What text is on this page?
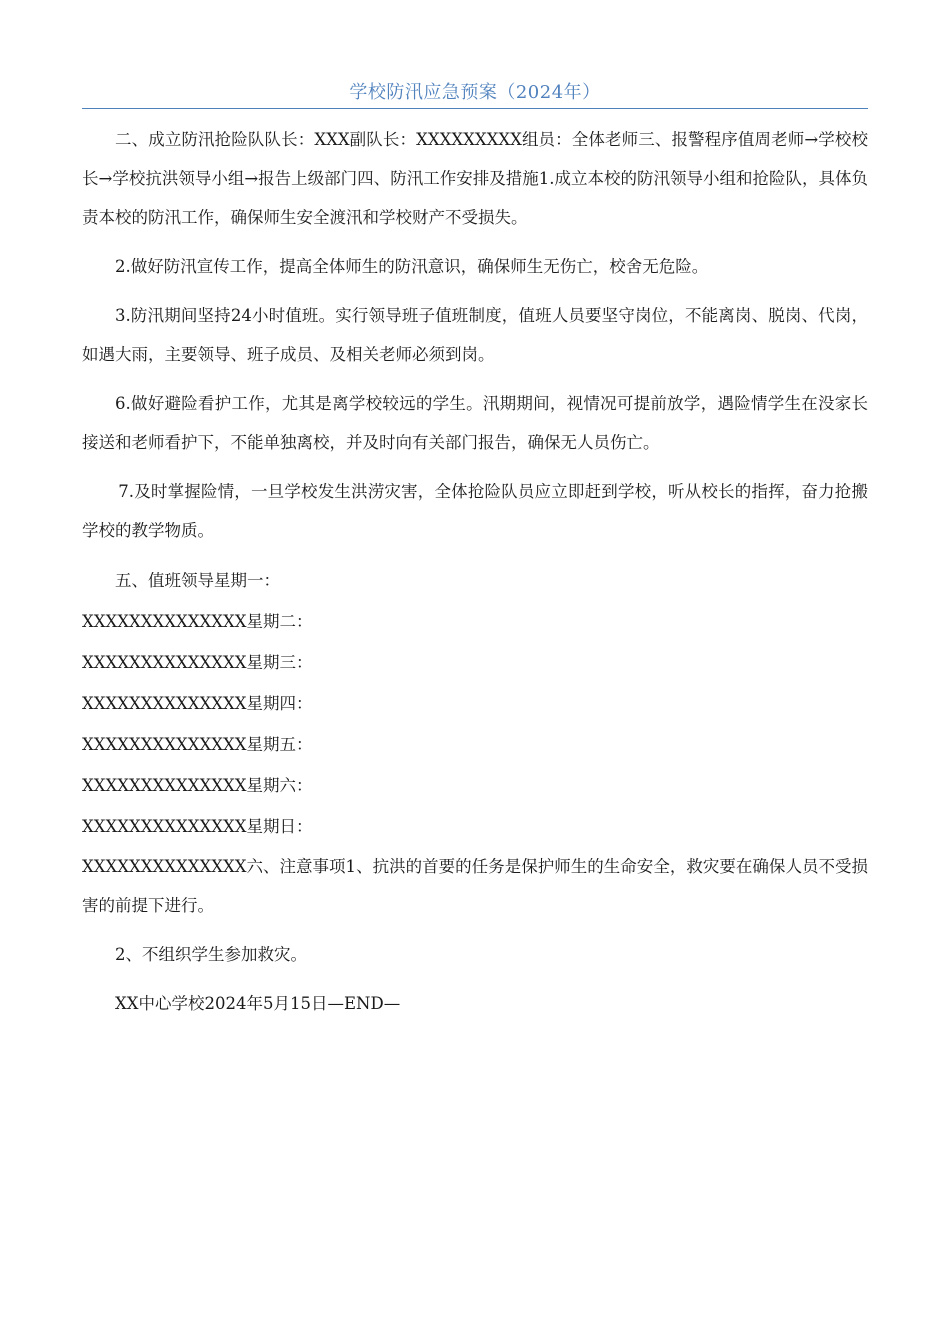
学校防汛应急预案（2024年）

二、成立防汛抢险队队长：XXX副队长：XXXXXXXXX组员：全体老师三、报警程序值周老师→学校校长→学校抗洪领导小组→报告上级部门四、防汛工作安排及措施1.成立本校的防汛领导小组和抢险队，具体负责本校的防汛工作，确保师生安全渡汛和学校财产不受损失。

2.做好防汛宣传工作，提高全体师生的防汛意识，确保师生无伤亡，校舍无危险。

3.防汛期间坚持24小时值班。实行领导班子值班制度，值班人员要坚守岗位，不能离岗、脱岗、代岗，如遇大雨，主要领导、班子成员、及相关老师必须到岗。

6.做好避险看护工作，尤其是离学校较远的学生。汛期期间，视情况可提前放学，遇险情学生在没家长接送和老师看护下，不能单独离校，并及时向有关部门报告，确保无人员伤亡。

7.及时掌握险情，一旦学校发生洪涝灾害，全体抢险队员应立即赶到学校，听从校长的指挥，奋力抢搬学校的教学物质。

五、值班领导星期一：

XXXXXXXXXXXXXX星期二：

XXXXXXXXXXXXXX星期三：

XXXXXXXXXXXXXX星期四：

XXXXXXXXXXXXXX星期五：

XXXXXXXXXXXXXX星期六：

XXXXXXXXXXXXXX星期日：

XXXXXXXXXXXXXX六、注意事项1、抗洪的首要的任务是保护师生的生命安全，救灾要在确保人员不受损害的前提下进行。

2、不组织学生参加救灾。

XX中心学校2024年5月15日—END—
